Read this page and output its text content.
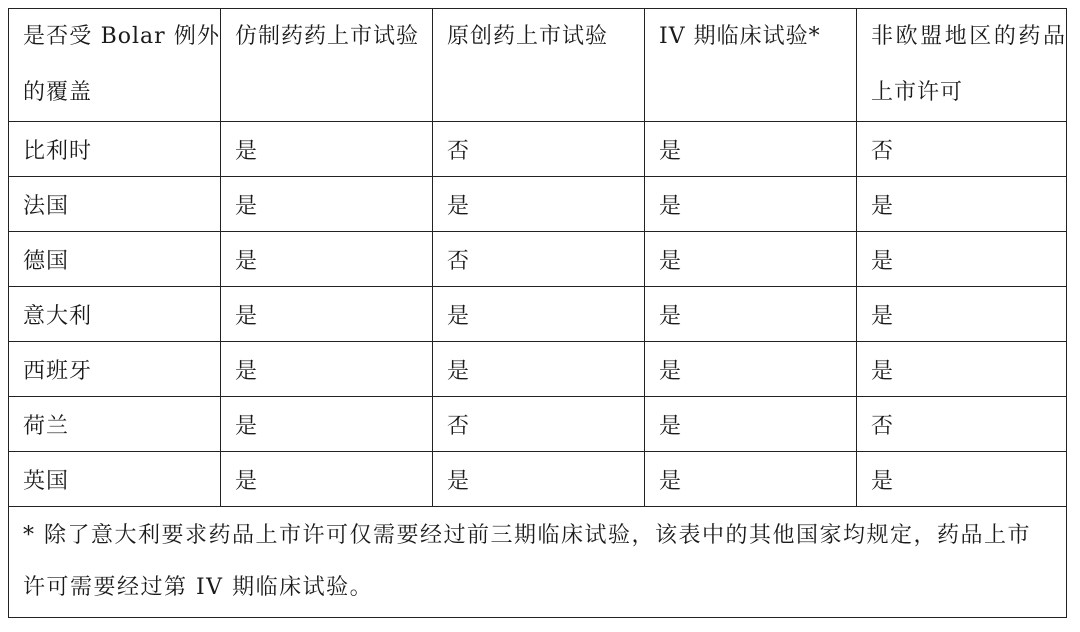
是否受 Bolar 例外的覆盖	仿制药药上市试验	原创药上市试验	IV 期临床试验*	非欧盟地区的药品上市许可

比利时	是	否	是	否
法国	是	是	是	是
德国	是	否	是	是
意大利	是	是	是	是
西班牙	是	是	是	是
荷兰	是	否	是	否
英国	是	是	是	是
* 除了意大利要求药品上市许可仅需要经过前三期临床试验，该表中的其他国家均规定，药品上市许可需要经过第 IV 期临床试验。				
